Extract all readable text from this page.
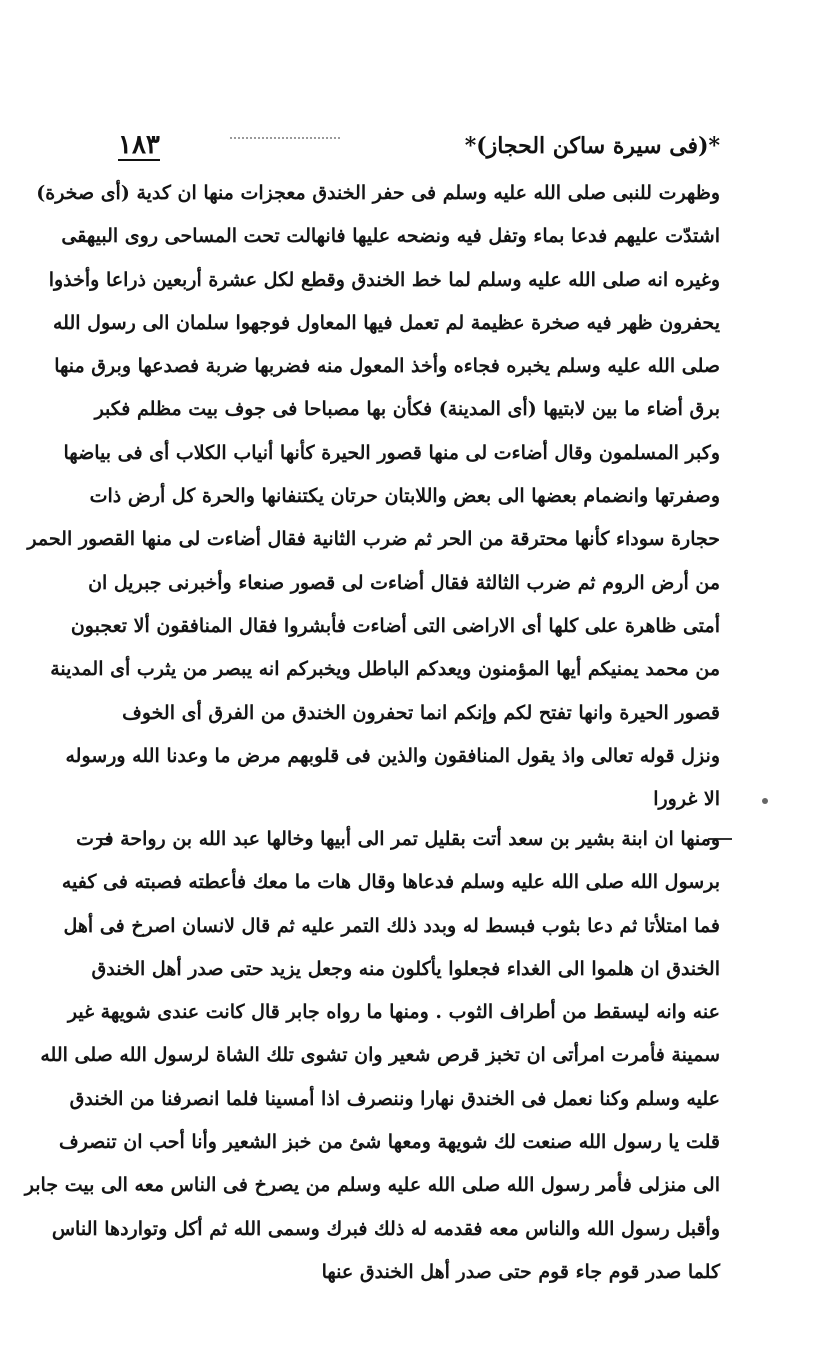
١٨٣	*(فى سيرة ساكن الحجاز)*
وظهرت للنبى صلى الله عليه وسلم فى حفر الخندق معجزات منها ان كدية (أى صخرة)
اشتدّت عليهم فدعا بماء وتفل فيه ونضحه عليها فانهالت تحت المساحى روى البيهقى
وغيره انه صلى الله عليه وسلم لما خط الخندق وقطع لكل عشرة أربعين ذراعا وأخذوا
يحفرون ظهر فيه صخرة عظيمة لم تعمل فيها المعاول فوجهوا سلمان الى رسول الله
صلى الله عليه وسلم يخبره فجاءه وأخذ المعول منه فضربها ضربة فصدعها وبرق منها
برق أضاء ما بين لابتيها (أى المدينة) فكأن بها مصباحا فى جوف بيت مظلم فكبر
وكبر المسلمون وقال أضاءت لى منها قصور الحيرة كأنها أنياب الكلاب أى فى بياضها
وصفرتها وانضمام بعضها الى بعض واللابتان حرتان يكتنفانها والحرة كل أرض ذات
حجارة سوداء كأنها محترقة من الحر ثم ضرب الثانية فقال أضاءت لى منها القصور الحمر
من أرض الروم ثم ضرب الثالثة فقال أضاءت لى قصور صنعاء وأخبرنى جبريل ان
أمتى ظاهرة على كلها أى الاراضى التى أضاءت فأبشروا فقال المنافقون ألا تعجبون
من محمد يمنيكم أيها المؤمنون ويعدكم الباطل ويخبركم انه يبصر من يثرب أى المدينة
قصور الحيرة وانها تفتح لكم وإنكم انما تحفرون الخندق من الفرق أى الخوف
ونزل قوله تعالى واذ يقول المنافقون والذين فى قلوبهم مرض ما وعدنا الله ورسوله
الا غرورا
ومنها ان ابنة بشير بن سعد أتت بقليل تمر الى أبيها وخالها عبد الله بن رواحة فرت
برسول الله صلى الله عليه وسلم فدعاها وقال هات ما معك فأعطته فصبته فى كفيه
فما امتلأتا ثم دعا بثوب فبسط له وبدد ذلك التمر عليه ثم قال لانسان اصرخ فى أهل
الخندق ان هلموا الى الغداء فجعلوا يأكلون منه وجعل يزيد حتى صدر أهل الخندق
عنه وانه ليسقط من أطراف الثوب . ومنها ما رواه جابر قال كانت عندى شويهة غير
سمينة فأمرت امرأتى ان تخبز قرص شعير وان تشوى تلك الشاة لرسول الله صلى الله
عليه وسلم وكنا نعمل فى الخندق نهارا وننصرف اذا أمسينا فلما انصرفنا من الخندق
قلت يا رسول الله صنعت لك شويهة ومعها شئ من خبز الشعير وأنا أحب ان تنصرف
الى منزلى فأمر رسول الله صلى الله عليه وسلم من يصرخ فى الناس معه الى بيت جابر
وأقبل رسول الله والناس معه فقدمه له ذلك فبرك وسمى الله ثم أكل وتواردها الناس
كلما صدر قوم جاء قوم حتى صدر أهل الخندق عنها
